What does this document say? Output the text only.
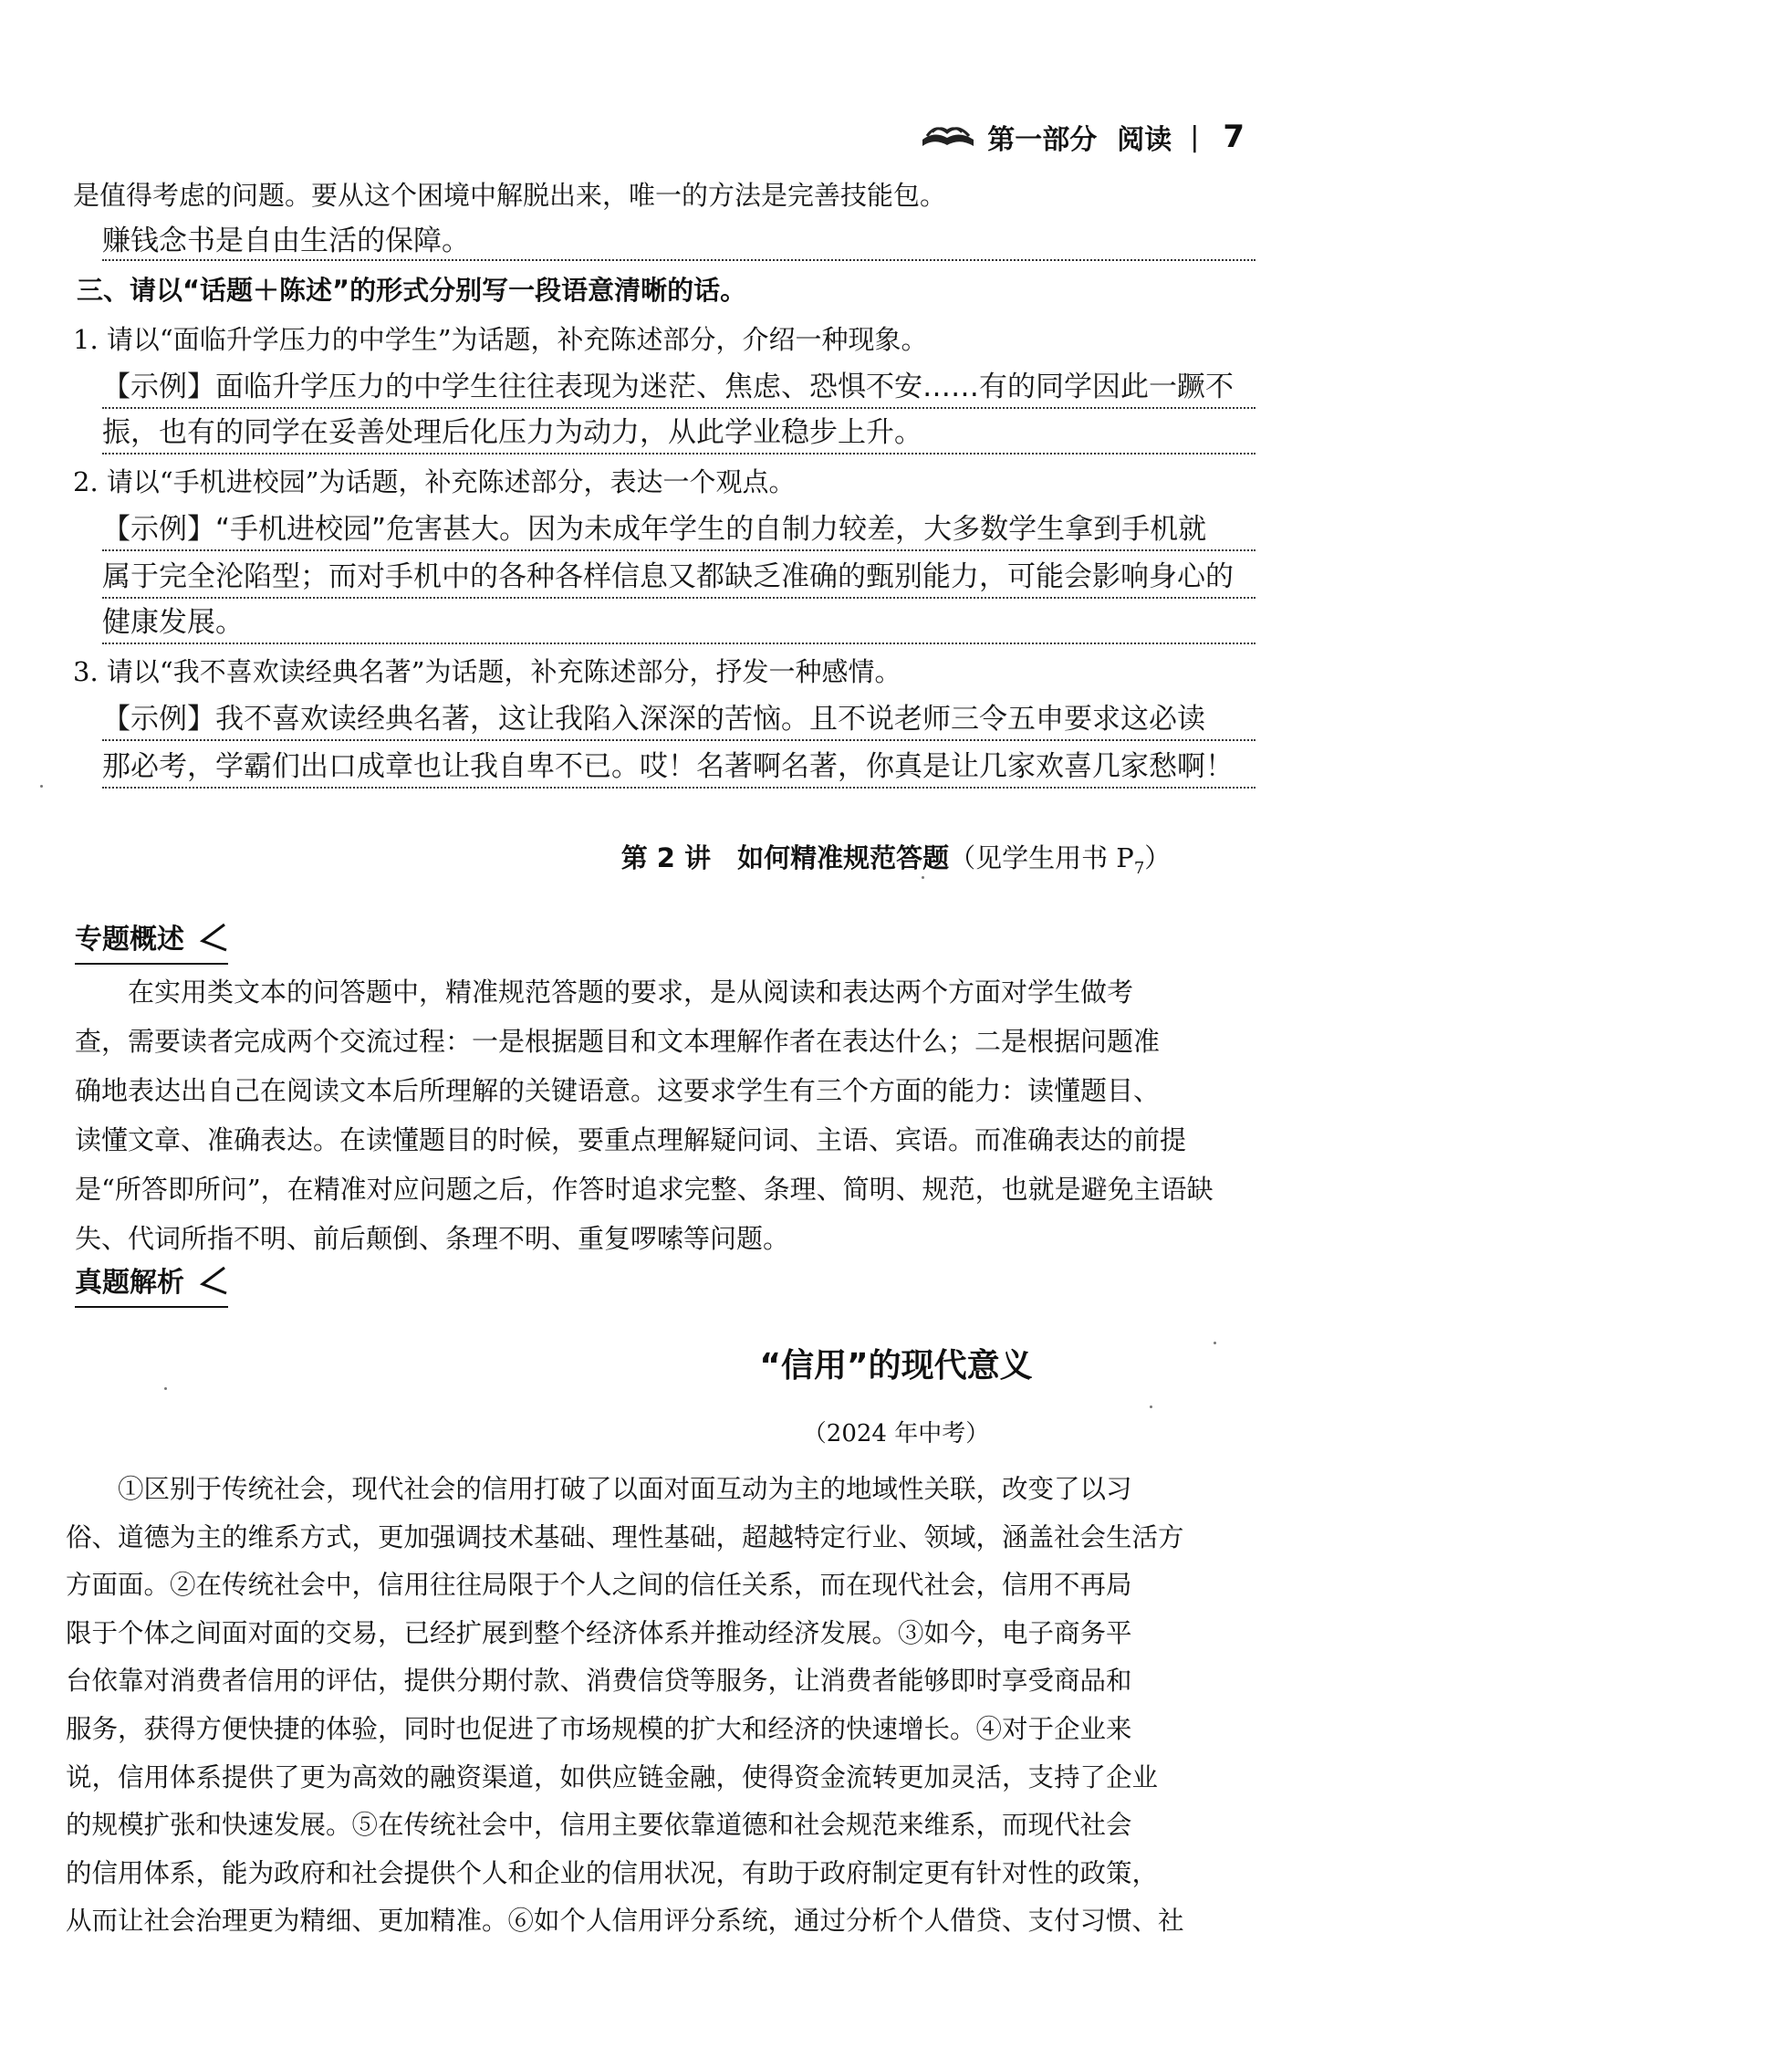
第一部分 阅读 | 7
是值得考虑的问题。要从这个困境中解脱出来，唯一的方法是完善技能包。
赚钱念书是自由生活的保障。
三、请以“话题＋陈述”的形式分别写一段语意清晰的话。
1. 请以“面临升学压力的中学生”为话题，补充陈述部分，介绍一种现象。
【示例】面临升学压力的中学生往往表现为迷茫、焦虑、恐惧不安……有的同学因此一蹶不
振，也有的同学在妥善处理后化压力为动力，从此学业稳步上升。
2. 请以“手机进校园”为话题，补充陈述部分，表达一个观点。
【示例】“手机进校园”危害甚大。因为未成年学生的自制力较差，大多数学生拿到手机就
属于完全沦陷型；而对手机中的各种各样信息又都缺乏准确的甄别能力，可能会影响身心的
健康发展。
3. 请以“我不喜欢读经典名著”为话题，补充陈述部分，抒发一种感情。
【示例】我不喜欢读经典名著，这让我陷入深深的苦恼。且不说老师三令五申要求这必读
那必考，学霸们出口成章也让我自卑不已。哎！名著啊名著，你真是让几家欢喜几家愁啊！
第 2 讲　如何精准规范答题（见学生用书 $P_7$）
专题概述
在实用类文本的问答题中，精准规范答题的要求，是从阅读和表达两个方面对学生做考
查，需要读者完成两个交流过程：一是根据题目和文本理解作者在表达什么；二是根据问题准
确地表达出自己在阅读文本后所理解的关键语意。这要求学生有三个方面的能力：读懂题目、
读懂文章、准确表达。在读懂题目的时候，要重点理解疑问词、主语、宾语。而准确表达的前提
是“所答即所问”，在精准对应问题之后，作答时追求完整、条理、简明、规范，也就是避免主语缺
失、代词所指不明、前后颠倒、条理不明、重复啰嗦等问题。
真题解析
“信用”的现代意义
（2024 年中考）
①区别于传统社会，现代社会的信用打破了以面对面互动为主的地域性关联，改变了以习
俗、道德为主的维系方式，更加强调技术基础、理性基础，超越特定行业、领域，涵盖社会生活方
方面面。②在传统社会中，信用往往局限于个人之间的信任关系，而在现代社会，信用不再局
限于个体之间面对面的交易，已经扩展到整个经济体系并推动经济发展。③如今，电子商务平
台依靠对消费者信用的评估，提供分期付款、消费信贷等服务，让消费者能够即时享受商品和
服务，获得方便快捷的体验，同时也促进了市场规模的扩大和经济的快速增长。④对于企业来
说，信用体系提供了更为高效的融资渠道，如供应链金融，使得资金流转更加灵活，支持了企业
的规模扩张和快速发展。⑤在传统社会中，信用主要依靠道德和社会规范来维系，而现代社会
的信用体系，能为政府和社会提供个人和企业的信用状况，有助于政府制定更有针对性的政策，
从而让社会治理更为精细、更加精准。⑥如个人信用评分系统，通过分析个人借贷、支付习惯、社
